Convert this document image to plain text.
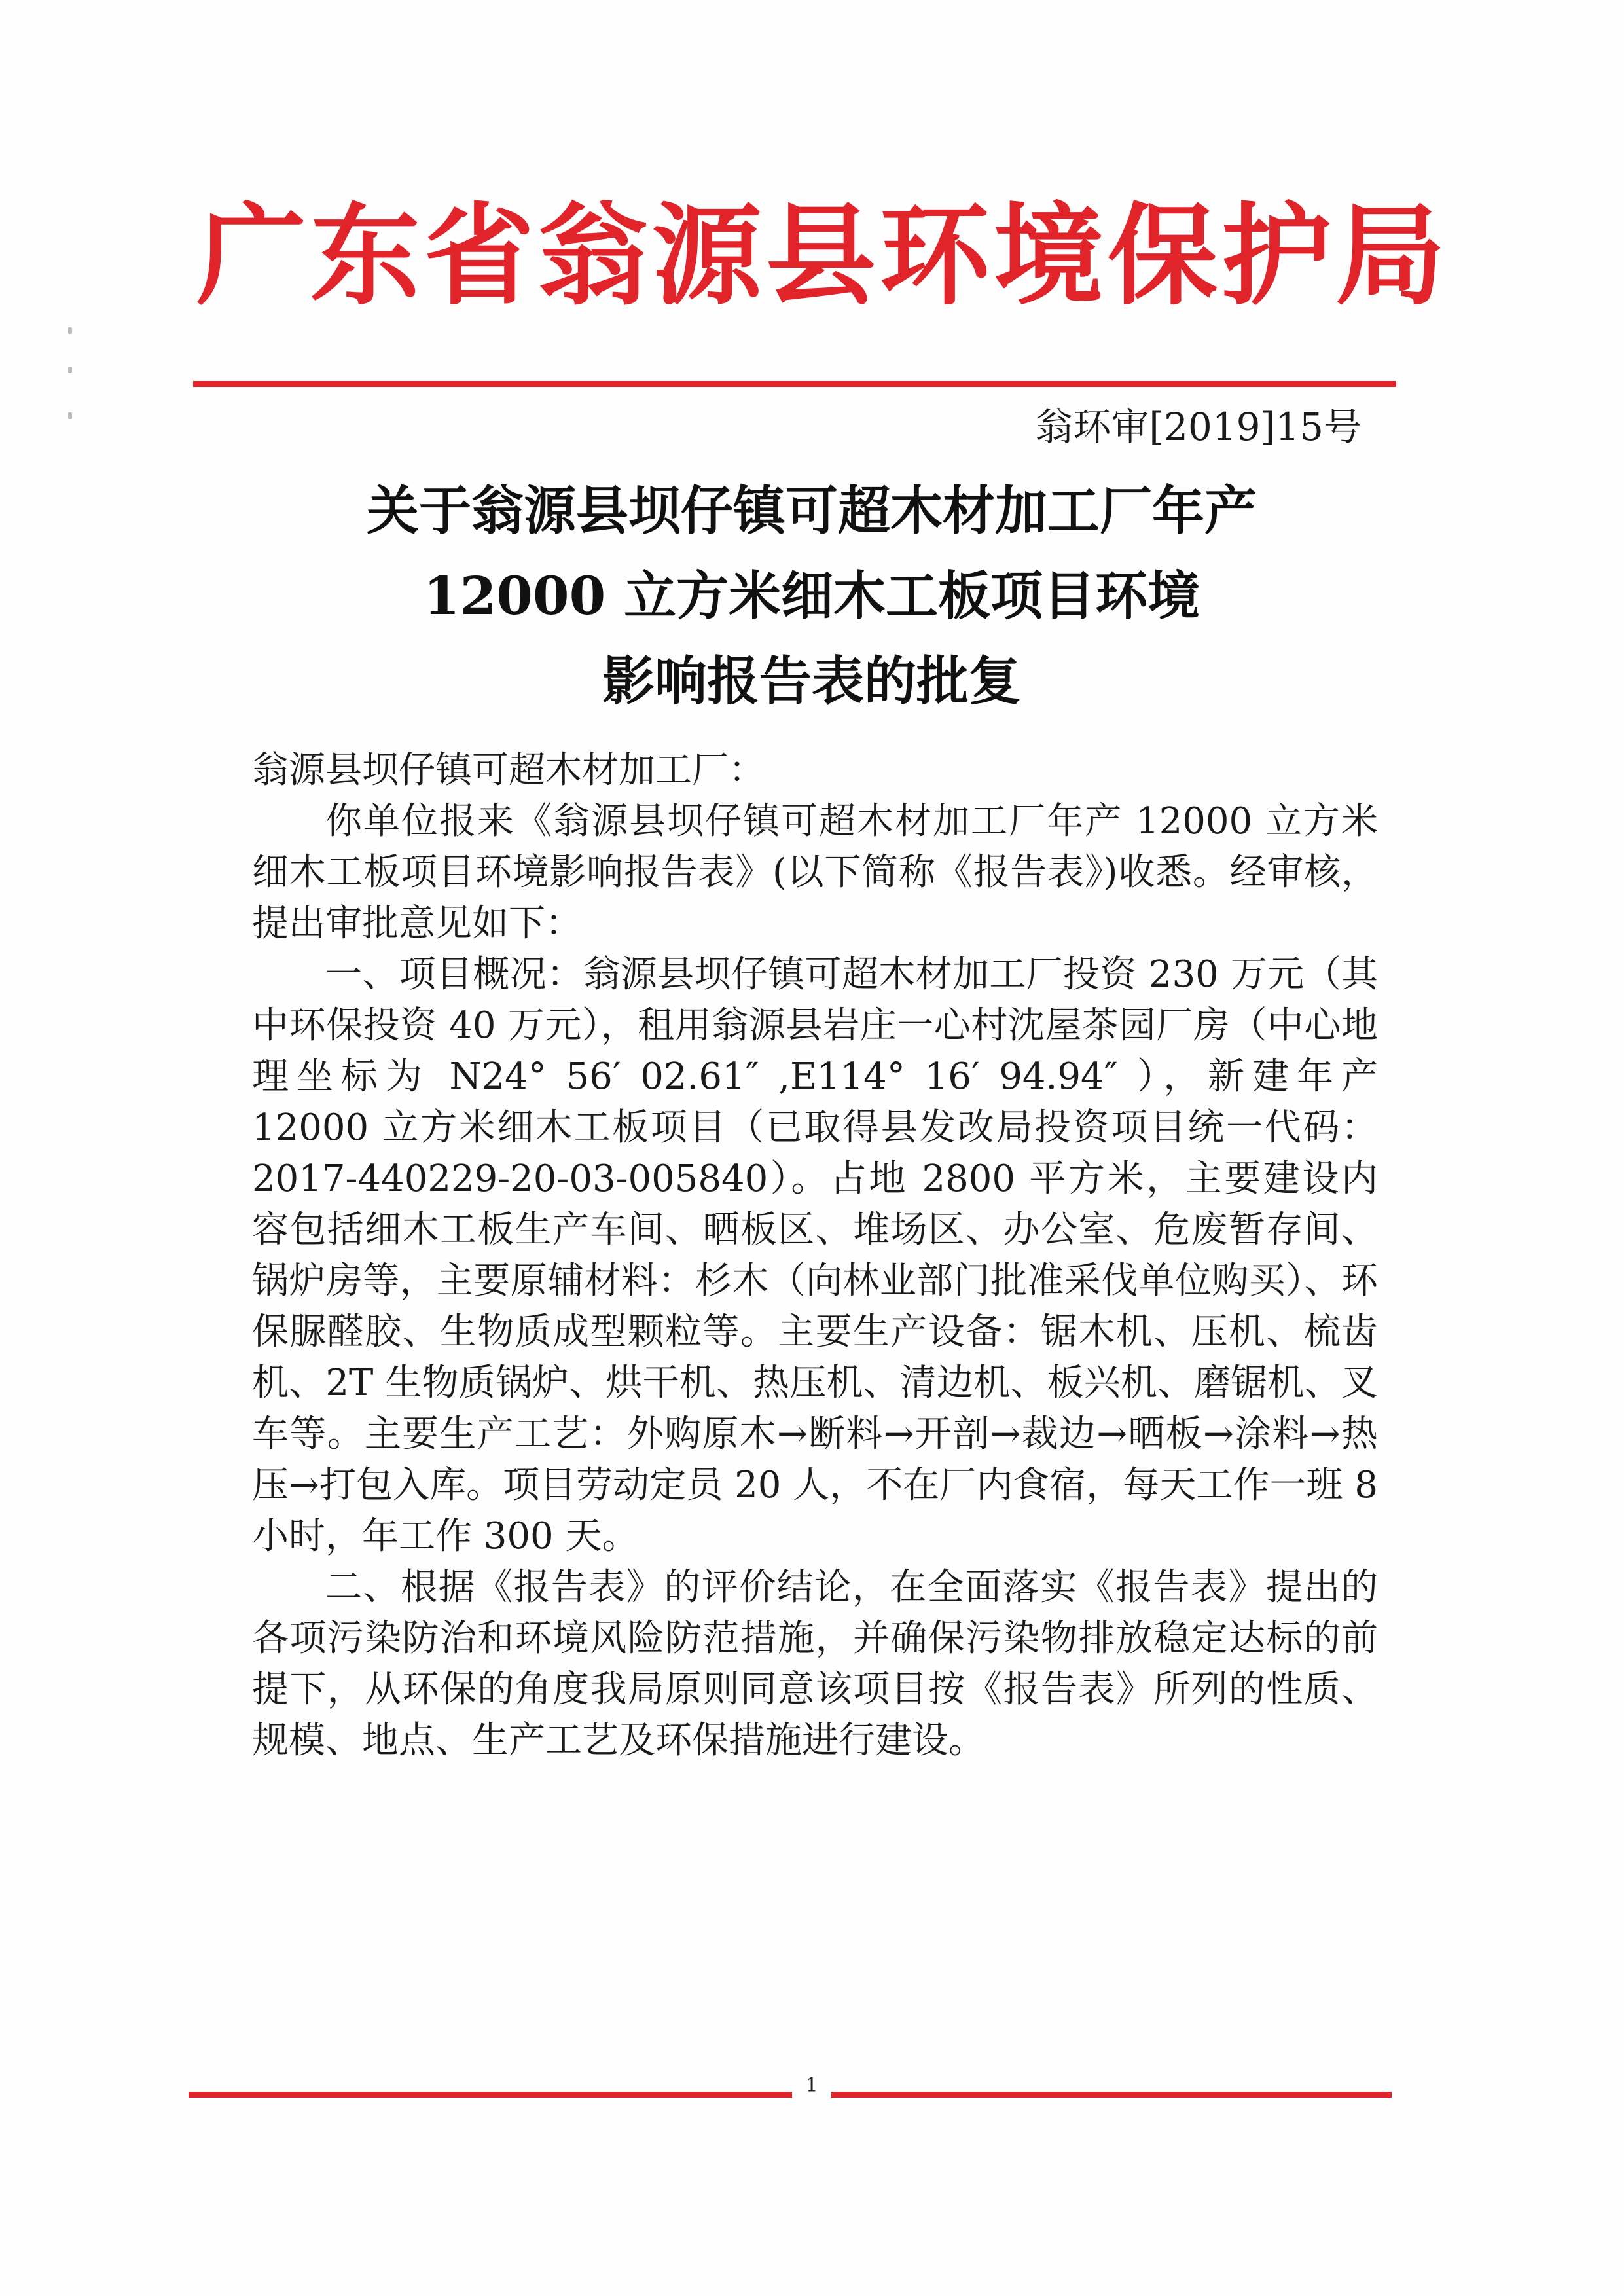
广东省翁源县环境保护局
翁环审[2019]15号
关于翁源县坝仔镇可超木材加工厂年产
12000 立方米细木工板项目环境
影响报告表的批复

翁源县坝仔镇可超木材加工厂：

你单位报来《翁源县坝仔镇可超木材加工厂年产 12000 立方米细木工板项目环境影响报告表》(以下简称《报告表》)收悉。经审核，提出审批意见如下：

一、项目概况：翁源县坝仔镇可超木材加工厂投资 230 万元（其中环保投资 40 万元），租用翁源县岩庄一心村沈屋茶园厂房（中心地理坐标为 N24° 56′ 02.61″ ,E114° 16′ 94.94″ ），新建年产 12000 立方米细木工板项目（已取得县发改局投资项目统一代码：2017-440229-20-03-005840）。占地 2800 平方米，主要建设内容包括细木工板生产车间、晒板区、堆场区、办公室、危废暂存间、锅炉房等，主要原辅材料：杉木（向林业部门批准采伐单位购买）、环保脲醛胶、生物质成型颗粒等。主要生产设备：锯木机、压机、梳齿机、2T 生物质锅炉、烘干机、热压机、清边机、板兴机、磨锯机、叉车等。主要生产工艺：外购原木→断料→开剖→裁边→晒板→涂料→热压→打包入库。项目劳动定员 20 人，不在厂内食宿，每天工作一班 8 小时，年工作 300 天。

二、根据《报告表》的评价结论，在全面落实《报告表》提出的各项污染防治和环境风险防范措施，并确保污染物排放稳定达标的前提下，从环保的角度我局原则同意该项目按《报告表》所列的性质、规模、地点、生产工艺及环保措施进行建设。

1
